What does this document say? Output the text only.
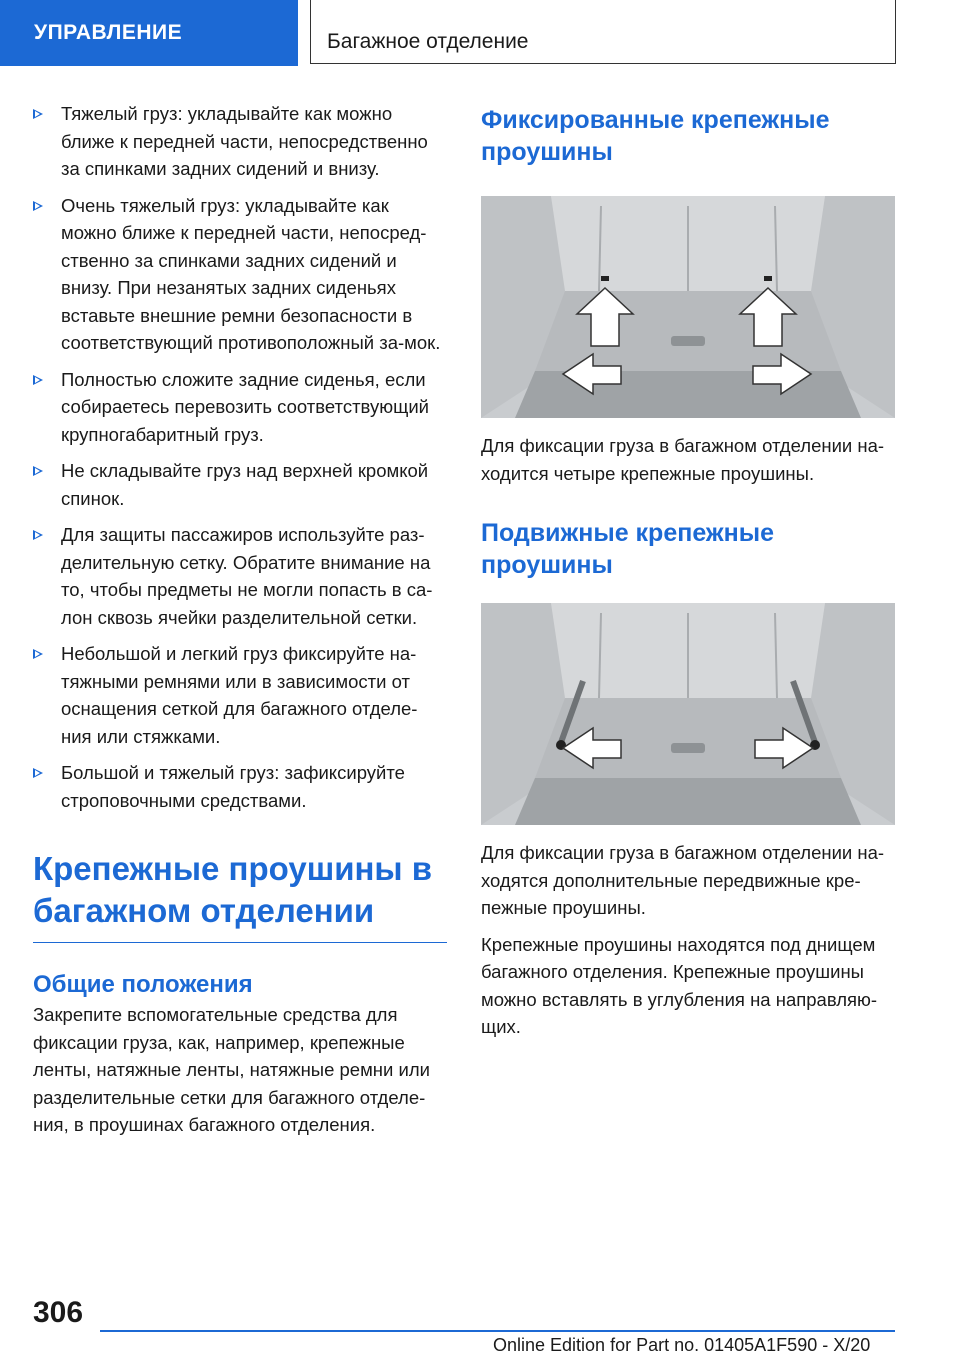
УПРАВЛЕНИЕ	Багажное отделение
Тяжелый груз: укладывайте как можно ближе к передней части, непосредственно за спинками задних сидений и внизу.
Очень тяжелый груз: укладывайте как можно ближе к передней части, непосред-ственно за спинками задних сидений и внизу. При незанятых задних сиденьях вставьте внешние ремни безопасности в соответствующий противоположный за-мок.
Полностью сложите задние сиденья, если собираетесь перевозить соответствующий крупногабаритный груз.
Не складывайте груз над верхней кромкой спинок.
Для защиты пассажиров используйте раз-делительную сетку. Обратите внимание на то, чтобы предметы не могли попасть в са-лон сквозь ячейки разделительной сетки.
Небольшой и легкий груз фиксируйте на-тяжными ремнями или в зависимости от оснащения сеткой для багажного отделе-ния или стяжками.
Большой и тяжелый груз: зафиксируйте строповочными средствами.
Крепежные проушины в багажном отделении
Общие положения

Закрепите вспомогательные средства для фиксации груза, как, например, крепежные ленты, натяжные ленты, натяжные ремни или разделительные сетки для багажного отделе-ния, в проушинах багажного отделения.

Фиксированные крепежные проушины

Для фиксации груза в багажном отделении на-ходится четыре крепежные проушины.

Подвижные крепежные проушины

Для фиксации груза в багажном отделении на-ходятся дополнительные передвижные кре-пежные проушины.

Крепежные проушины находятся под днищем багажного отделения. Крепежные проушины можно вставлять в углубления на направляю-щих.

306
Online Edition for Part no. 01405A1F590 - X/20
